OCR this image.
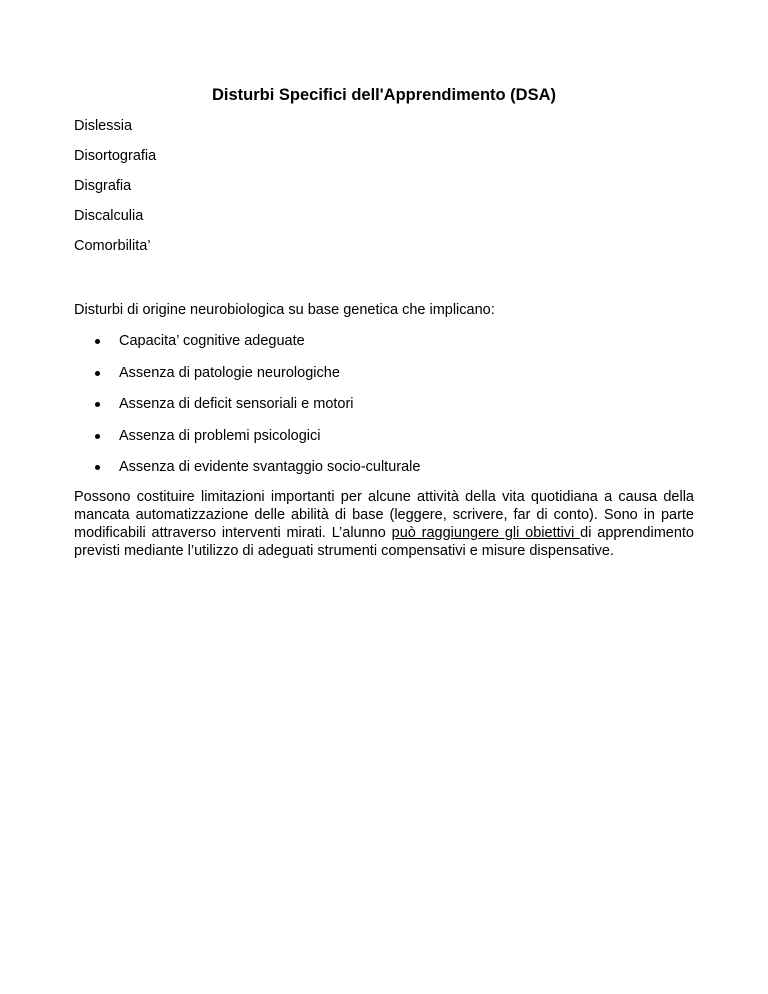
Disturbi Specifici dell'Apprendimento (DSA)

Dislessia

Disortografia

Disgrafia

Discalculia

Comorbilita’

Disturbi di origine neurobiologica su base genetica che implicano:

Capacita’ cognitive adeguate
Assenza di patologie neurologiche
Assenza di deficit sensoriali e motori
Assenza di problemi psicologici
Assenza di evidente svantaggio socio-culturale

Possono costituire limitazioni importanti per alcune attività della vita quotidiana a causa della mancata automatizzazione delle abilità di base (leggere, scrivere, far di conto). Sono in parte modificabili attraverso interventi mirati. L’alunno può raggiungere gli obiettivi di apprendimento previsti mediante l’utilizzo di adeguati strumenti compensativi e misure dispensative.
